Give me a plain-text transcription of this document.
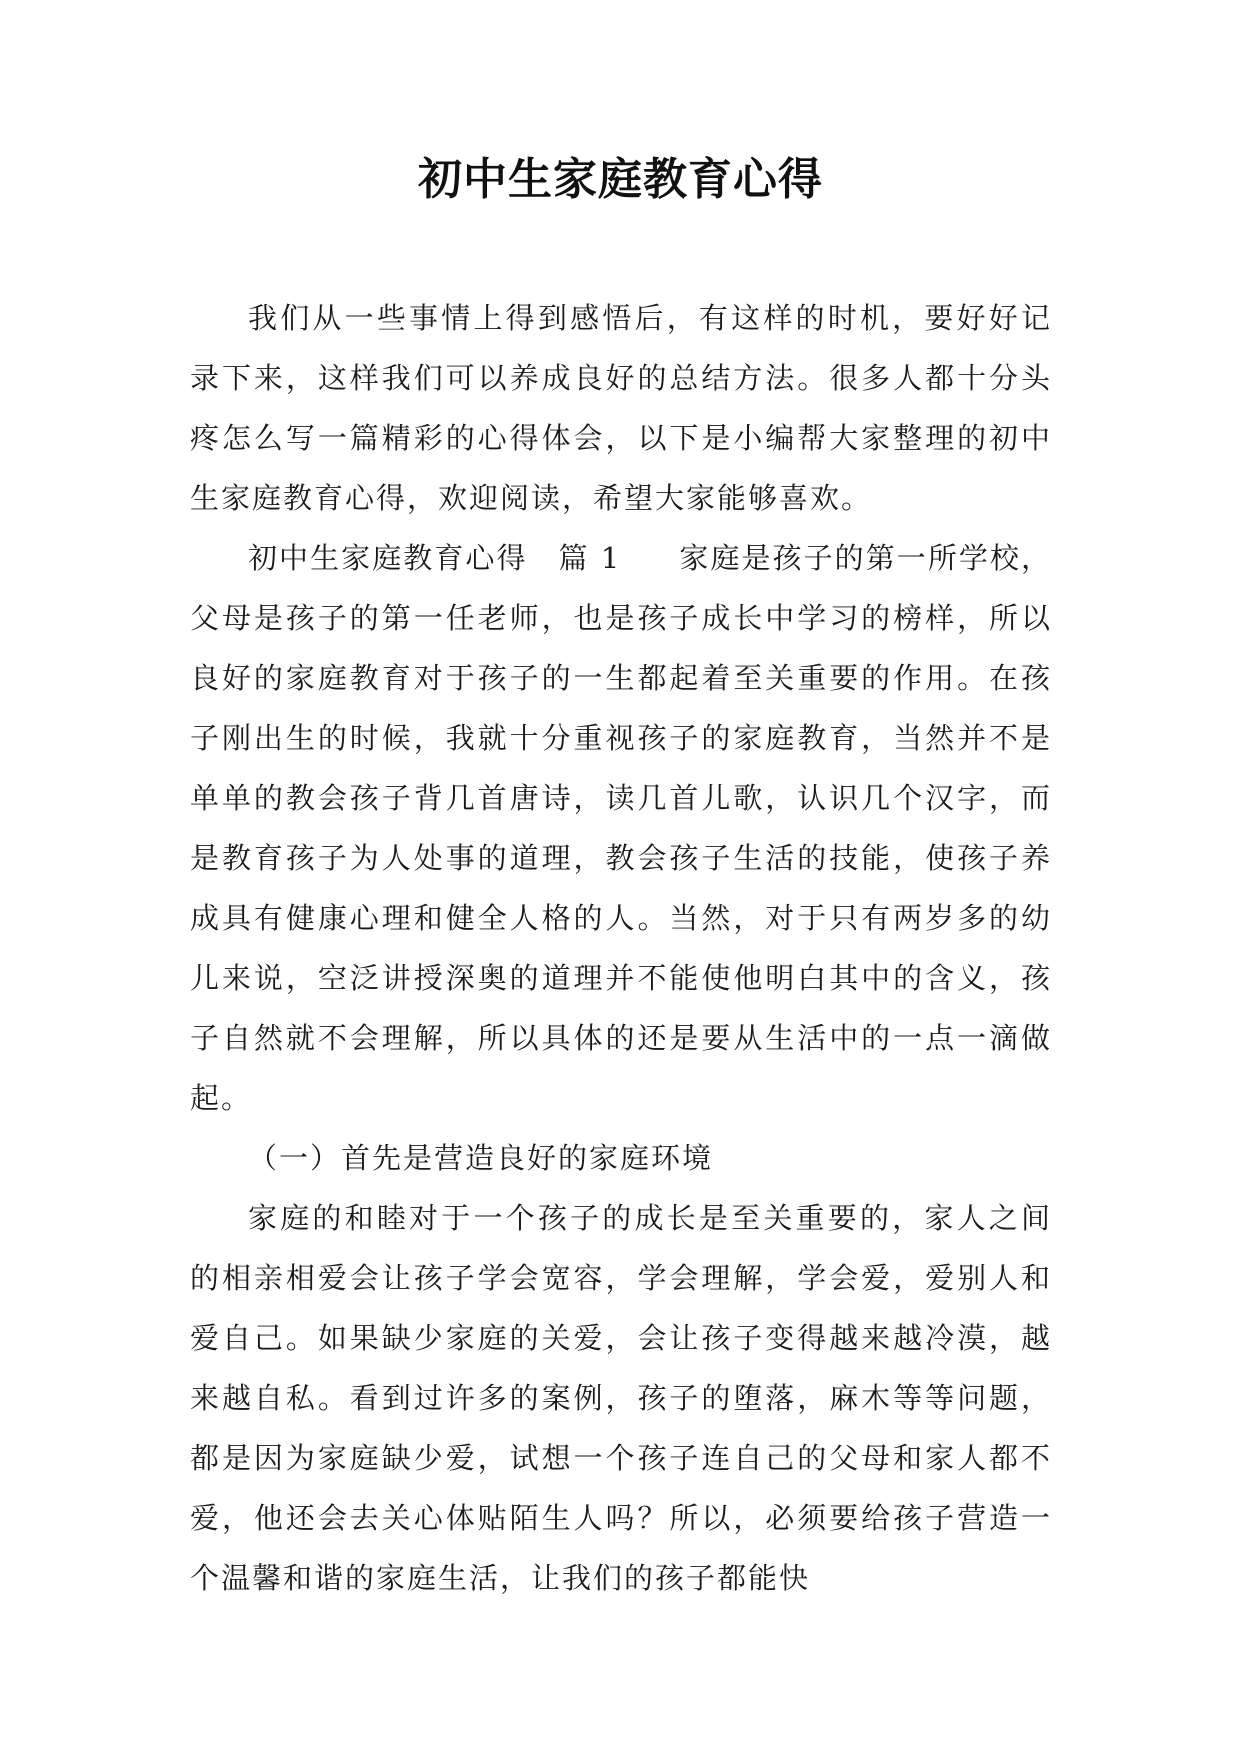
初中生家庭教育心得

我们从一些事情上得到感悟后，有这样的时机，要好好记录下来，这样我们可以养成良好的总结方法。很多人都十分头疼怎么写一篇精彩的心得体会，以下是小编帮大家整理的初中生家庭教育心得，欢迎阅读，希望大家能够喜欢。

初中生家庭教育心得　篇 1 家庭是孩子的第一所学校，父母是孩子的第一任老师，也是孩子成长中学习的榜样，所以良好的家庭教育对于孩子的一生都起着至关重要的作用。在孩子刚出生的时候，我就十分重视孩子的家庭教育，当然并不是单单的教会孩子背几首唐诗，读几首儿歌，认识几个汉字，而是教育孩子为人处事的道理，教会孩子生活的技能，使孩子养成具有健康心理和健全人格的人。当然，对于只有两岁多的幼儿来说，空泛讲授深奥的道理并不能使他明白其中的含义，孩子自然就不会理解，所以具体的还是要从生活中的一点一滴做起。

（一）首先是营造良好的家庭环境

家庭的和睦对于一个孩子的成长是至关重要的，家人之间的相亲相爱会让孩子学会宽容，学会理解，学会爱，爱别人和爱自己。如果缺少家庭的关爱，会让孩子变得越来越冷漠，越来越自私。看到过许多的案例，孩子的堕落，麻木等等问题，都是因为家庭缺少爱，试想一个孩子连自己的父母和家人都不爱，他还会去关心体贴陌生人吗？所以，必须要给孩子营造一个温馨和谐的家庭生活，让我们的孩子都能快
